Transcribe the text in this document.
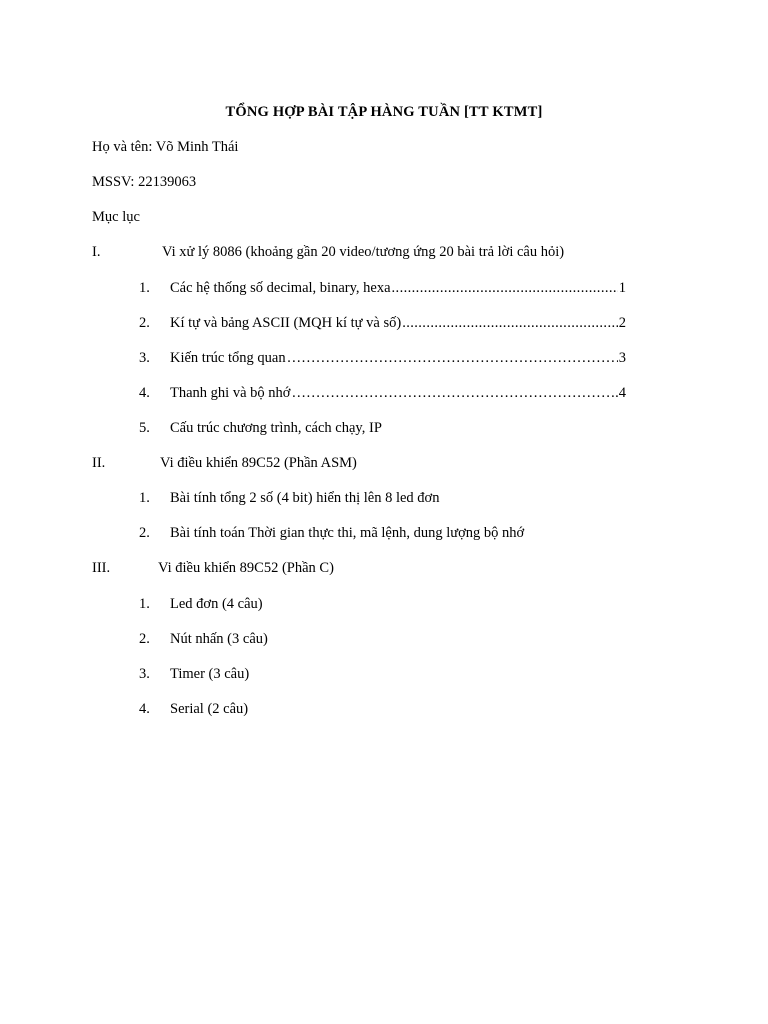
TỔNG HỢP BÀI TẬP HÀNG TUẦN [TT KTMT]
Họ và tên: Võ Minh Thái
MSSV: 22139063
Mục lục
I.	Vi xử lý 8086 (khoảng gần 20 video/tương ứng 20 bài trả lời câu hỏi)
1. Các hệ thống số decimal, binary, hexa .....	1
2. Kí tự và bảng ASCII (MQH kí tự và số) .....	2
3. Kiến trúc tổng quan ………………………………………………………………………………………………………………………………………………………………………………………………………………………………	3
4. Thanh ghi và bộ nhớ ………………………………………………………………………………………………………………………………………………………………………………………………………………………………	.4
5. Cấu trúc chương trình, cách chạy, IP
II.	Vi điều khiển 89C52 (Phần ASM)
1. Bài tính tổng 2 số (4 bit) hiển thị lên 8 led đơn
2. Bài tính toán Thời gian thực thi, mã lệnh, dung lượng bộ nhớ
III.	Vi điều khiển 89C52 (Phần C)
1. Led đơn (4 câu)
2. Nút nhấn (3 câu)
3. Timer (3 câu)
4. Serial (2 câu)
